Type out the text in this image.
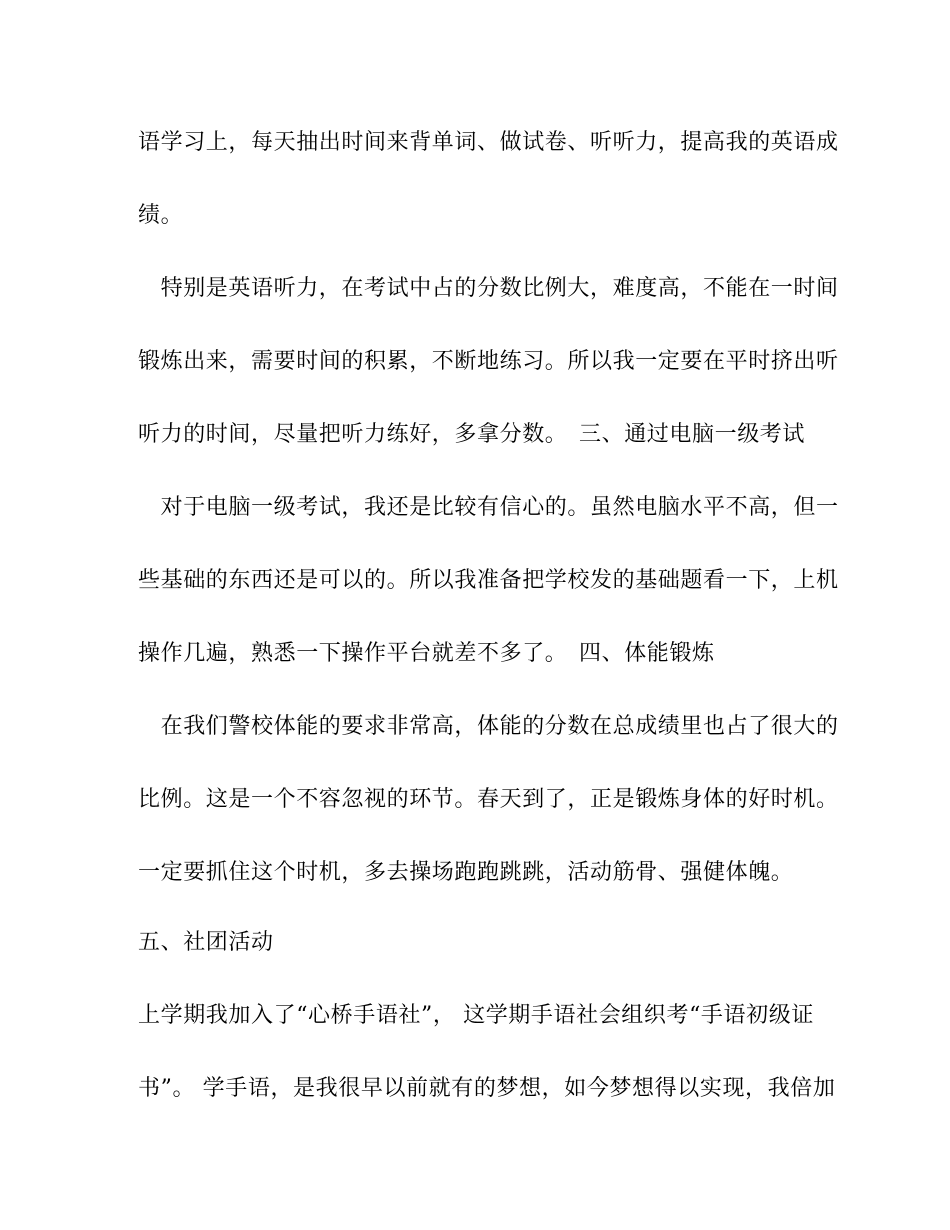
语学习上，每天抽出时间来背单词、做试卷、听听力，提高我的英语成
绩。
　特别是英语听力，在考试中占的分数比例大，难度高，不能在一时间
锻炼出来，需要时间的积累，不断地练习。所以我一定要在平时挤出听
听力的时间，尽量把听力练好，多拿分数。　三、通过电脑一级考试
　对于电脑一级考试，我还是比较有信心的。虽然电脑水平不高，但一
些基础的东西还是可以的。所以我准备把学校发的基础题看一下，上机
操作几遍，熟悉一下操作平台就差不多了。　四、体能锻炼
　在我们警校体能的要求非常高，体能的分数在总成绩里也占了很大的
比例。这是一个不容忽视的环节。春天到了，正是锻炼身体的好时机。
一定要抓住这个时机，多去操场跑跑跳跳，活动筋骨、强健体魄。
五、社团活动
上学期我加入了“心桥手语社”， 这学期手语社会组织考“手语初级证
书”。 学手语，是我很早以前就有的梦想，如今梦想得以实现，我倍加
